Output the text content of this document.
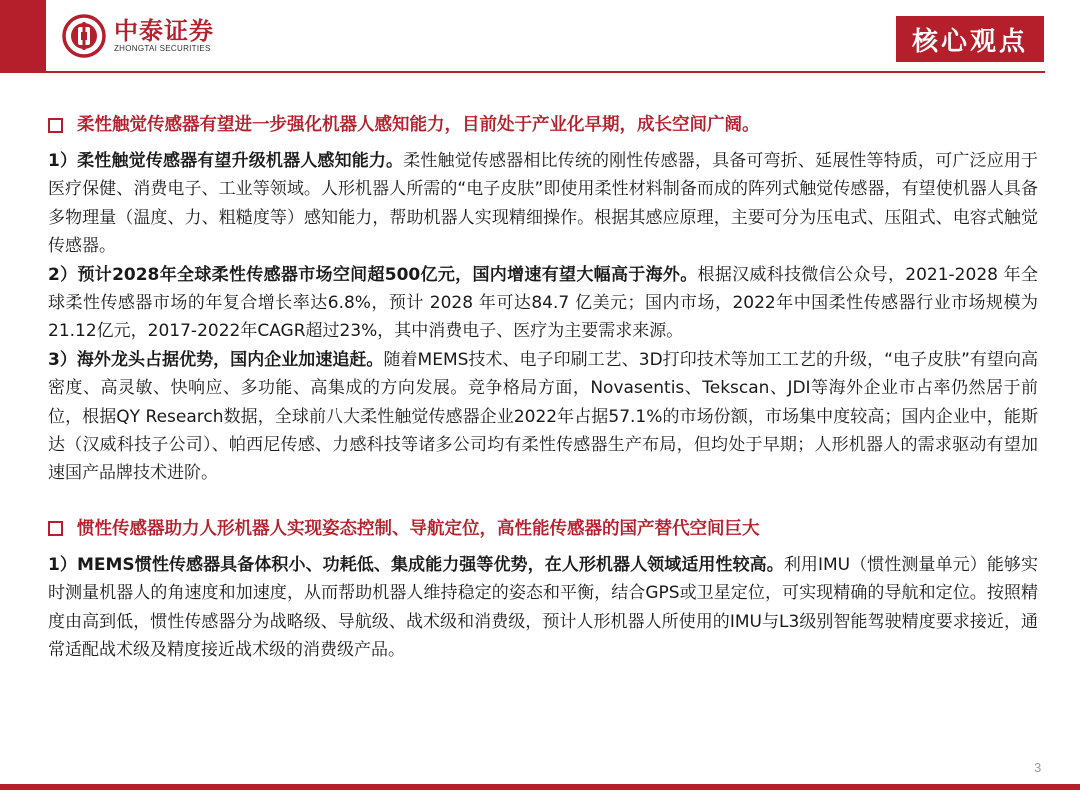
中泰证券
ZHONGTAI SECURITIES	核心观点
柔性触觉传感器有望进一步强化机器人感知能力，目前处于产业化早期，成长空间广阔。

1）柔性触觉传感器有望升级机器人感知能力。柔性触觉传感器相比传统的刚性传感器，具备可弯折、延展性等特质，可广泛应用于医疗保健、消费电子、工业等领域。人形机器人所需的“电子皮肤”即使用柔性材料制备而成的阵列式触觉传感器，有望使机器人具备多物理量（温度、力、粗糙度等）感知能力，帮助机器人实现精细操作。根据其感应原理，主要可分为压电式、压阻式、电容式触觉传感器。

2）预计2028年全球柔性传感器市场空间超500亿元，国内增速有望大幅高于海外。根据汉威科技微信公众号，2021-2028 年全球柔性传感器市场的年复合增长率达6.8%，预计 2028 年可达84.7 亿美元；国内市场，2022年中国柔性传感器行业市场规模为21.12亿元，2017-2022年CAGR超过23%，其中消费电子、医疗为主要需求来源。

3）海外龙头占据优势，国内企业加速追赶。随着MEMS技术、电子印刷工艺、3D打印技术等加工工艺的升级，“电子皮肤”有望向高密度、高灵敏、快响应、多功能、高集成的方向发展。竞争格局方面，Novasentis、Tekscan、JDI等海外企业市占率仍然居于前位，根据QY Research数据，全球前八大柔性触觉传感器企业2022年占据57.1%的市场份额，市场集中度较高；国内企业中，能斯达（汉威科技子公司）、帕西尼传感、力感科技等诸多公司均有柔性传感器生产布局，但均处于早期；人形机器人的需求驱动有望加速国产品牌技术进阶。

惯性传感器助力人形机器人实现姿态控制、导航定位，高性能传感器的国产替代空间巨大

1）MEMS惯性传感器具备体积小、功耗低、集成能力强等优势，在人形机器人领域适用性较高。利用IMU（惯性测量单元）能够实时测量机器人的角速度和加速度，从而帮助机器人维持稳定的姿态和平衡，结合GPS或卫星定位，可实现精确的导航和定位。按照精度由高到低，惯性传感器分为战略级、导航级、战术级和消费级，预计人形机器人所使用的IMU与L3级别智能驾驶精度要求接近，通常适配战术级及精度接近战术级的消费级产品。

3
